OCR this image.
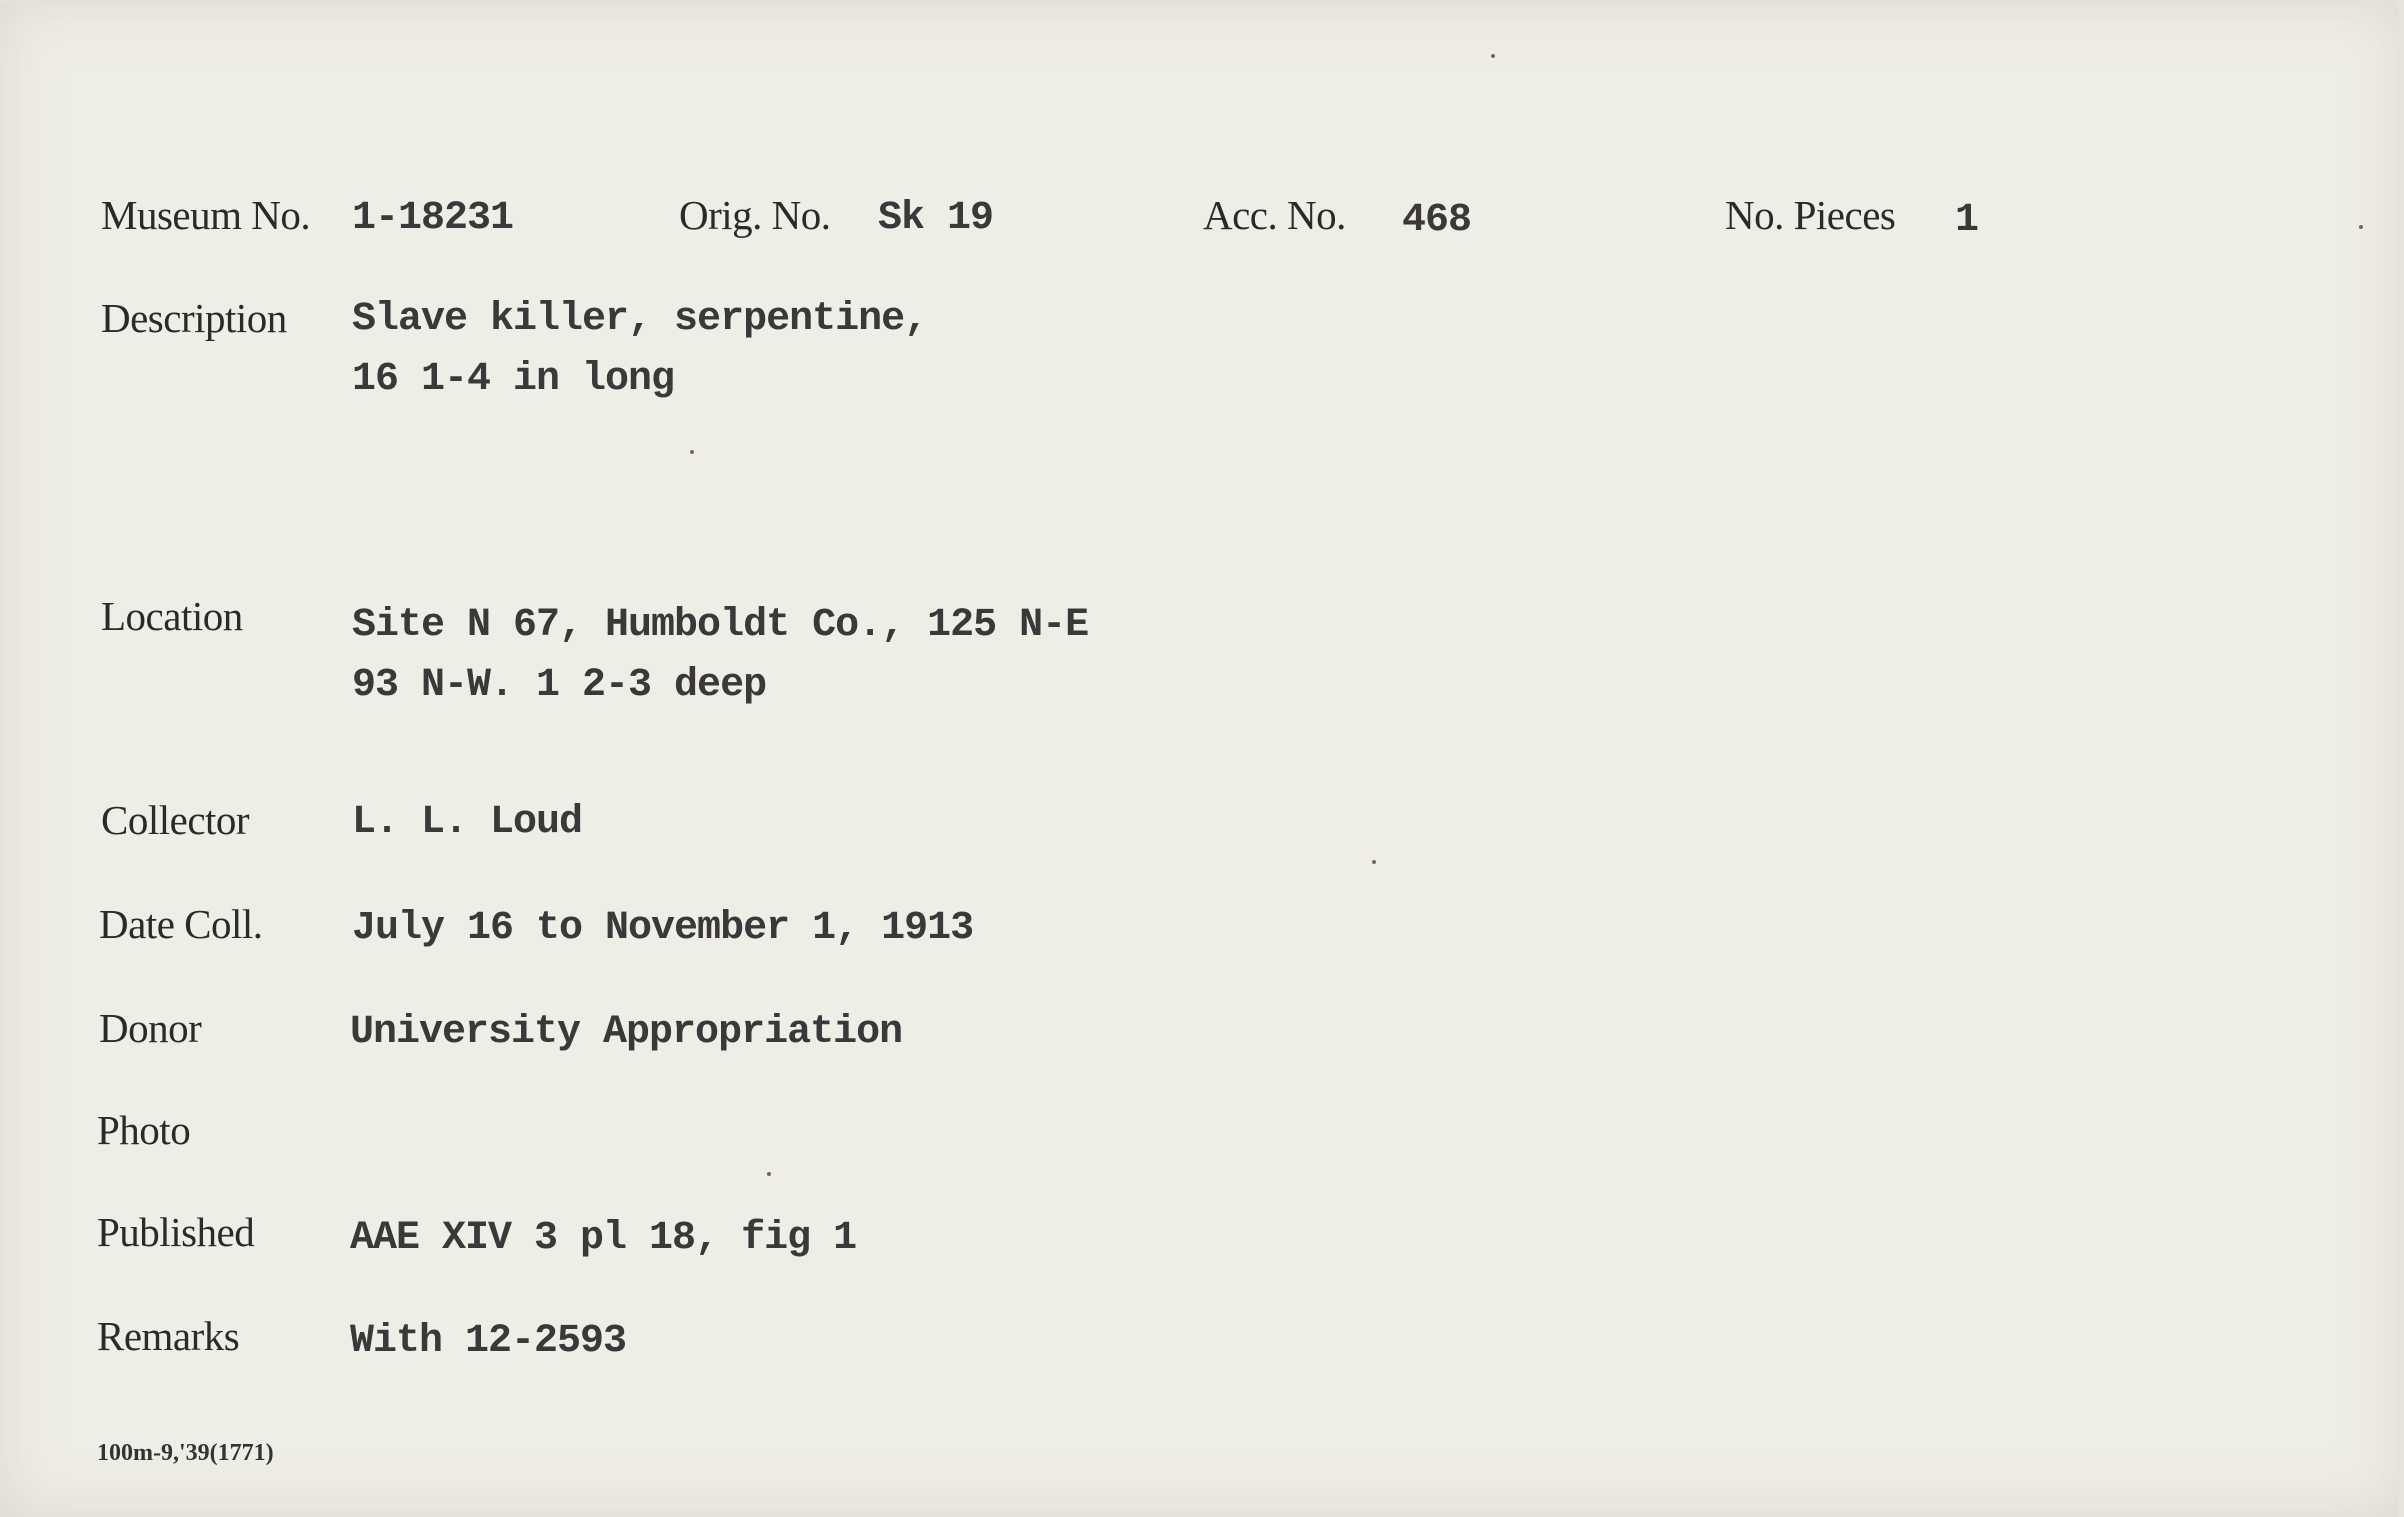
Museum No. 1-18231	Orig. No. Sk 19	Acc. No. 468	No. Pieces 1
Description Slave killer, serpentine,
16 1-4 in long
Location	Site N 67, Humboldt Co., 125 N-E
93 N-W. 1 2-3 deep
Collector	L. L. Loud
Date Coll. July 16 to November 1, 1913
Donor	University Appropriation
Photo
Published AAE XIV 3 pl 18, fig 1
Remarks	With 12-2593
100m-9,'39(1771)
